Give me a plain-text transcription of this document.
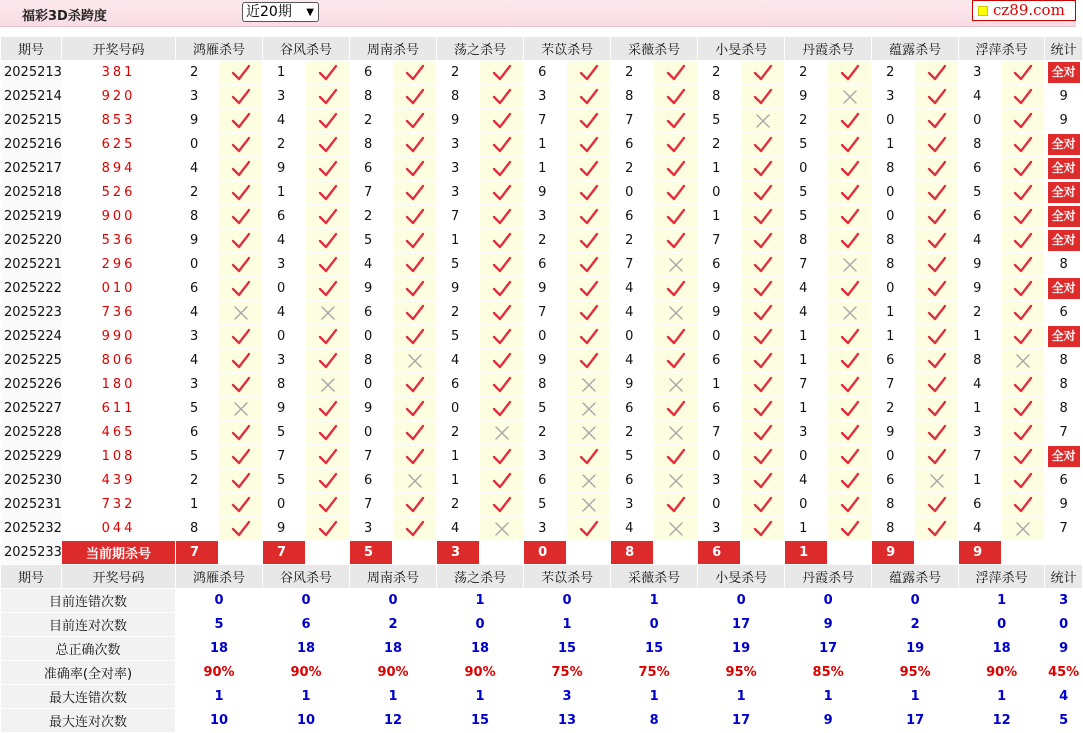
福彩3D杀跨度	近20期 ▼	cz89.com
期号	开奖号码	鸿雁杀号		谷风杀号		周南杀号		荡之杀号		芣苡杀号		采薇杀号		小旻杀号		丹霞杀号		蕴露杀号		浮萍杀号		统计
2025213	381	2		1		6		2		6		2		2		2		2		3		全对
2025214	920	3		3		8		8		3		8		8		9		3		4		9
2025215	853	9		4		2		9		7		7		5		2		0		0		9
2025216	625	0		2		8		3		1		6		2		5		1		8		全对
2025217	894	4		9		6		3		1		2		1		0		8		6		全对
2025218	526	2		1		7		3		9		0		0		5		0		5		全对
2025219	900	8		6		2		7		3		6		1		5		0		6		全对
2025220	536	9		4		5		1		2		2		7		8		8		4		全对
2025221	296	0		3		4		5		6		7		6		7		8		9		8
2025222	010	6		0		9		9		9		4		9		4		0		9		全对
2025223	736	4		4		6		2		7		4		9		4		1		2		6
2025224	990	3		0		0		5		0		0		0		1		1		1		全对
2025225	806	4		3		8		4		9		4		6		1		6		8		8
2025226	180	3		8		0		6		8		9		1		7		7		4		8
2025227	611	5		9		9		0		5		6		6		1		2		1		8
2025228	465	6		5		0		2		2		2		7		3		9		3		7
2025229	108	5		7		7		1		3		5		0		0		0		7		全对
2025230	439	2		5		6		1		6		6		3		4		6		1		6
2025231	732	1		0		7		2		5		3		0		0		8		6		9
2025232	044	8		9		3		4		3		4		3		1		8		4		7
2025233	当前期杀号	7		7		5		3		0		8		6		1		9		9		
期号	开奖号码	鸿雁杀号		谷风杀号		周南杀号		荡之杀号		芣苡杀号		采薇杀号		小旻杀号		丹霞杀号		蕴露杀号		浮萍杀号		统计
目前连错次数		0		0		0		1		0		1		0		0		0		1		3
目前连对次数		5		6		2		0		1		0		17		9		2		0		0
总正确次数		18		18		18		18		15		15		19		17		19		18		9
准确率(全对率)		90%		90%		90%		90%		75%		75%		95%		85%		95%		90%		45%
最大连错次数		1		1		1		1		3		1		1		1		1		1		4
最大连对次数		10		10		12		15		13		8		17		9		17		12		5
